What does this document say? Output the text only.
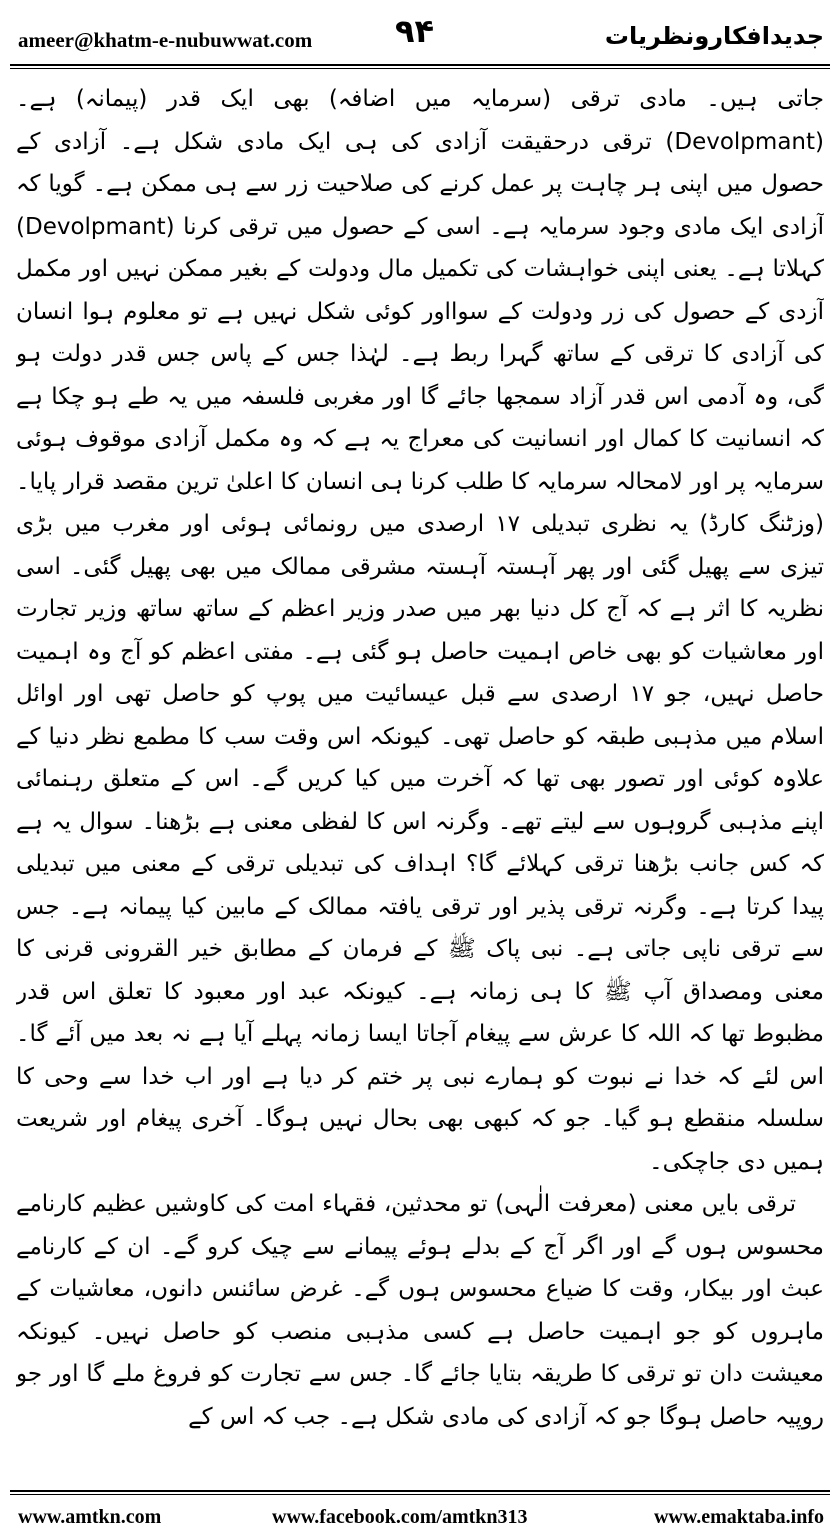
ameer@khatm-e-nubuwwat.com	۹۴	جدیدافکارونظریات

جاتی ہیں۔ مادی ترقی (سرمایہ میں اضافہ) بھی ایک قدر (پیمانہ) ہے۔(Devolpmant) ترقی درحقیقت آزادی کی ہی ایک مادی شکل ہے۔ آزادی کے حصول میں اپنی ہر چاہت پر عمل کرنے کی صلاحیت زر سے ہی ممکن ہے۔ گویا کہ آزادی ایک مادی وجود سرمایہ ہے۔ اسی کے حصول میں ترقی کرنا (Devolpmant) کہلاتا ہے۔ یعنی اپنی خواہشات کی تکمیل مال ودولت کے بغیر ممکن نہیں اور مکمل آزدی کے حصول کی زر ودولت کے سوااور کوئی شکل نہیں ہے تو معلوم ہوا انسان کی آزادی کا ترقی کے ساتھ گہرا ربط ہے۔ لہٰذا جس کے پاس جس قدر دولت ہو گی، وہ آدمی اس قدر آزاد سمجھا جائے گا اور مغربی فلسفہ میں یہ طے ہو چکا ہے کہ انسانیت کا کمال اور انسانیت کی معراج یہ ہے کہ وہ مکمل آزادی موقوف ہوئی سرمایہ پر اور لامحالہ سرمایہ کا طلب کرنا ہی انسان کا اعلیٰ ترین مقصد قرار پایا۔ (وزٹنگ کارڈ) یہ نظری تبدیلی ۱۷ ارصدی میں رونمائی ہوئی اور مغرب میں بڑی تیزی سے پھیل گئی اور پھر آہستہ آہستہ مشرقی ممالک میں بھی پھیل گئی۔ اسی نظریہ کا اثر ہے کہ آج کل دنیا بھر میں صدر وزیر اعظم کے ساتھ ساتھ وزیر تجارت اور معاشیات کو بھی خاص اہمیت حاصل ہو گئی ہے۔ مفتی اعظم کو آج وہ اہمیت حاصل نہیں، جو ۱۷ ارصدی سے قبل عیسائیت میں پوپ کو حاصل تھی اور اوائل اسلام میں مذہبی طبقہ کو حاصل تھی۔ کیونکہ اس وقت سب کا مطمع نظر دنیا کے علاوہ کوئی اور تصور بھی تھا کہ آخرت میں کیا کریں گے۔ اس کے متعلق رہنمائی اپنے مذہبی گروہوں سے لیتے تھے۔ وگرنہ اس کا لفظی معنی ہے بڑھنا۔ سوال یہ ہے کہ کس جانب بڑھنا ترقی کہلائے گا؟ اہداف کی تبدیلی ترقی کے معنی میں تبدیلی پیدا کرتا ہے۔ وگرنہ ترقی پذیر اور ترقی یافتہ ممالک کے مابین کیا پیمانہ ہے۔ جس سے ترقی ناپی جاتی ہے۔ نبی پاک ﷺ کے فرمان کے مطابق خیر القرونی قرنی کا معنی ومصداق آپ ﷺ کا ہی زمانہ ہے۔ کیونکہ عبد اور معبود کا تعلق اس قدر مظبوط تھا کہ اللہ کا عرش سے پیغام آجاتا ایسا زمانہ پہلے آیا ہے نہ بعد میں آئے گا۔ اس لئے کہ خدا نے نبوت کو ہمارے نبی پر ختم کر دیا ہے اور اب خدا سے وحی کا سلسلہ منقطع ہو گیا۔ جو کہ کبھی بھی بحال نہیں ہوگا۔ آخری پیغام اور شریعت ہمیں دی جاچکی۔

ترقی بایں معنی (معرفت الٰہی) تو محدثین، فقہاء امت کی کاوشیں عظیم کارنامے محسوس ہوں گے اور اگر آج کے بدلے ہوئے پیمانے سے چیک کرو گے۔ ان کے کارنامے عبث اور بیکار، وقت کا ضیاع محسوس ہوں گے۔ غرض سائنس دانوں، معاشیات کے ماہروں کو جو اہمیت حاصل ہے کسی مذہبی منصب کو حاصل نہیں۔ کیونکہ معیشت دان تو ترقی کا طریقہ بتایا جائے گا۔ جس سے تجارت کو فروغ ملے گا اور جو روپیہ حاصل ہوگا جو کہ آزادی کی مادی شکل ہے۔ جب کہ اس کے

www.amtkn.com	www.facebook.com/amtkn313	www.emaktaba.info
